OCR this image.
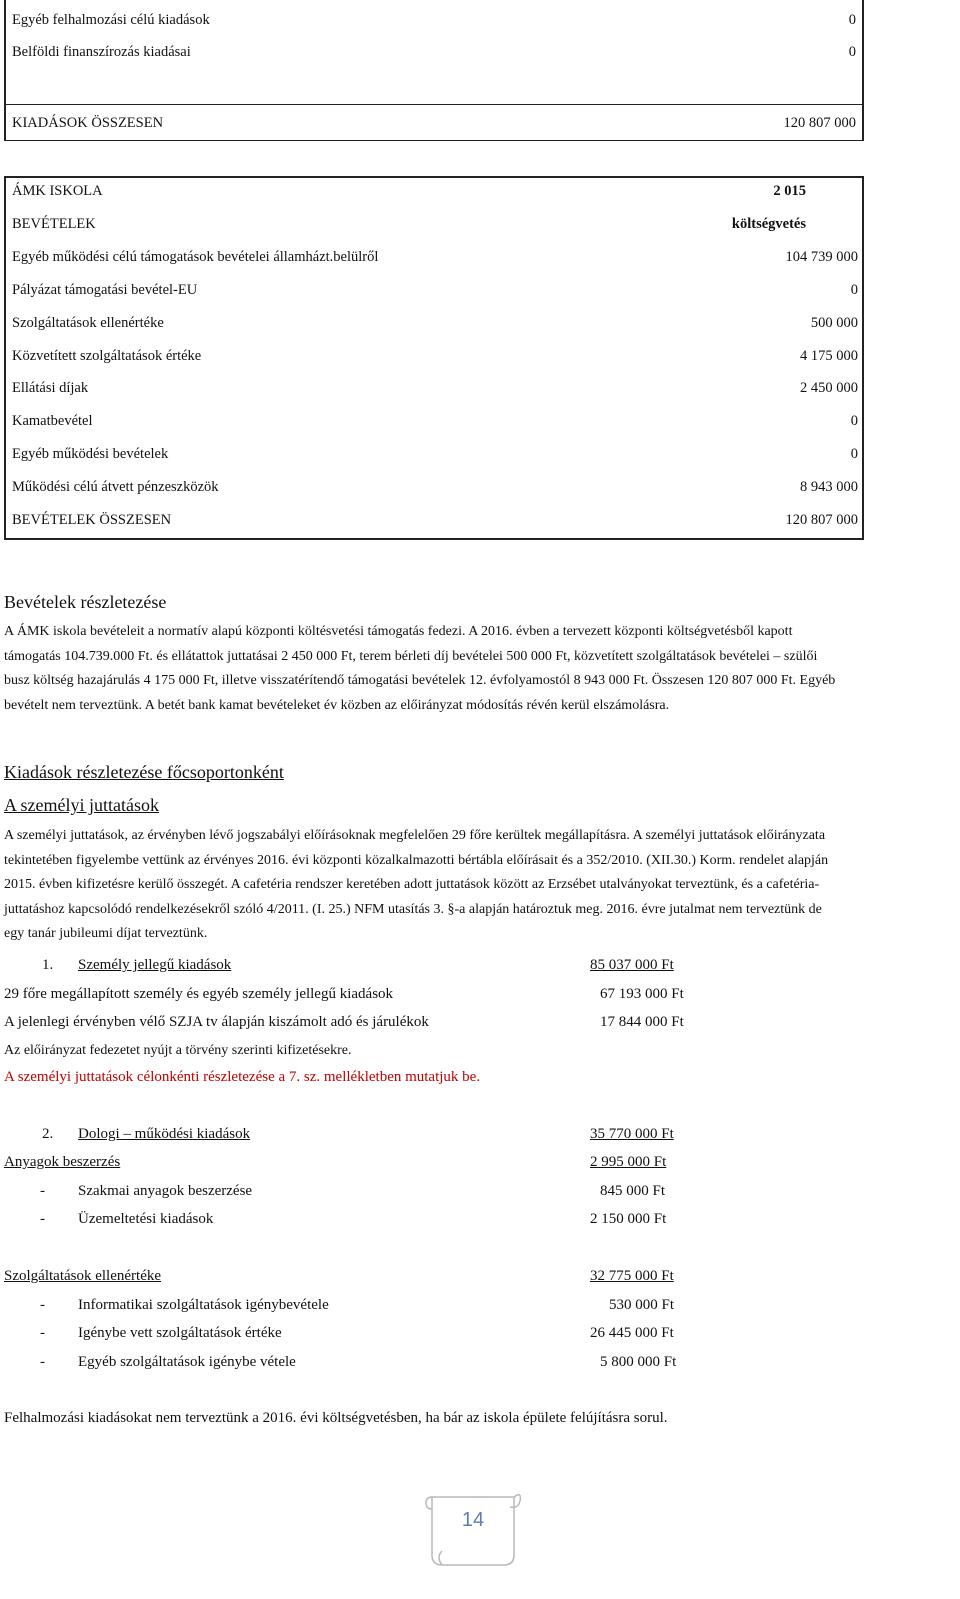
Egyéb felhalmozási célú kiadások	0
Belföldi finanszírozás kiadásai	0
KIADÁSOK ÖSSZESEN	120 807 000
ÁMK ISKOLA	2 015
BEVÉTELEK	költségvetés
Egyéb működési célú támogatások bevételei államházt.belülről	104 739 000
Pályázat támogatási bevétel-EU	0
Szolgáltatások ellenértéke	500 000
Közvetített szolgáltatások értéke	4 175 000
Ellátási díjak	2 450 000
Kamatbevétel	0
Egyéb működési bevételek	0
Működési célú átvett pénzeszközök	8 943 000
BEVÉTELEK ÖSSZESEN	120 807 000
Bevételek részletezése
A ÁMK iskola bevételeit a normatív alapú központi költésvetési támogatás fedezi. A 2016. évben a tervezett központi költségvetésből kapott
támogatás 104.739.000 Ft. és ellátattok juttatásai 2 450 000 Ft, terem bérleti díj bevételei 500 000 Ft, közvetített szolgáltatások bevételei – szülői
busz költség hazajárulás 4 175 000 Ft, illetve visszatérítendő támogatási bevételek 12. évfolyamostól 8 943 000 Ft. Összesen 120 807 000 Ft. Egyéb
bevételt nem terveztünk. A betét bank kamat bevételeket év közben az előirányzat módosítás révén kerül elszámolásra.
Kiadások részletezése főcsoportonként
A személyi juttatások
A személyi juttatások, az érvényben lévő jogszabályi előírásoknak megfelelően 29 főre kerültek megállapításra. A személyi juttatások előirányzata
tekintetében figyelembe vettünk az érvényes 2016. évi központi közalkalmazotti bértábla előírásait és a 352/2010. (XII.30.) Korm. rendelet alapján
2015. évben kifizetésre kerülő összegét. A cafetéria rendszer keretében adott juttatások között az Erzsébet utalványokat terveztünk, és a cafetéria-
juttatáshoz kapcsolódó rendelkezésekről szóló 4/2011. (I. 25.) NFM utasítás 3. §-a alapján határoztuk meg. 2016. évre jutalmat nem terveztünk de
egy tanár jubileumi díjat terveztünk.
1. Személy jellegű kiadások	85 037 000 Ft
29 főre megállapított személy és egyéb személy jellegű kiadások	67 193 000 Ft
A jelenlegi érvényben vélő SZJA tv álapján kiszámolt adó és járulékok	17 844 000 Ft
Az előirányzat fedezetet nyújt a törvény szerinti kifizetésekre.
A személyi juttatások célonkénti részletezése a 7. sz. mellékletben mutatjuk be.
2. Dologi – működési kiadások	35 770 000 Ft
Anyagok beszerzés	2 995 000 Ft
- Szakmai anyagok beszerzése	845 000 Ft
- Üzemeltetési kiadások	2 150 000 Ft
Szolgáltatások ellenértéke	32 775 000 Ft
- Informatikai szolgáltatások igénybevétele	530 000 Ft
- Igénybe vett szolgáltatások értéke	26 445 000 Ft
- Egyéb szolgáltatások igénybe vétele	5 800 000 Ft
Felhalmozási kiadásokat nem terveztünk a 2016. évi költségvetésben, ha bár az iskola épülete felújításra sorul.
14
